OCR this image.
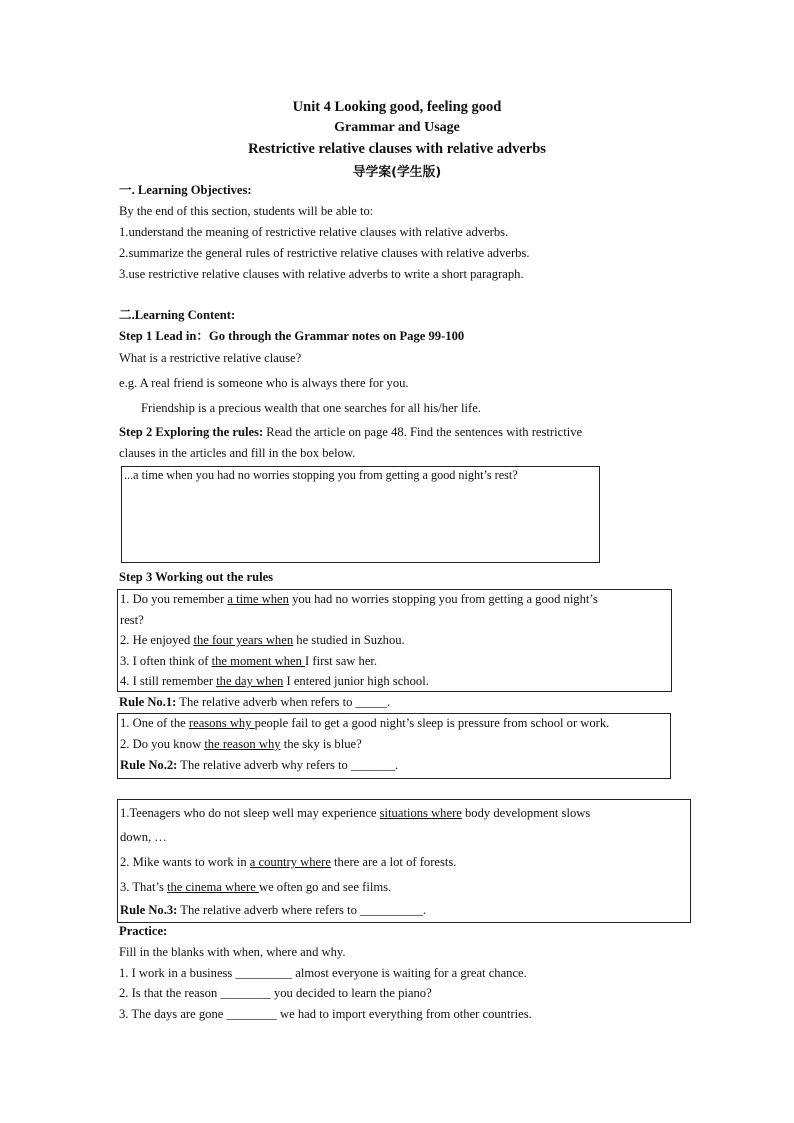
Unit 4 Looking good, feeling good
Grammar and Usage
Restrictive relative clauses with relative adverbs
导学案(学生版)
一. Learning Objectives:
By the end of this section, students will be able to:
1.understand the meaning of restrictive relative clauses with relative adverbs.
2.summarize the general rules of restrictive relative clauses with relative adverbs.
3.use restrictive relative clauses with relative adverbs to write a short paragraph.
二.Learning Content:
Step 1 Lead in：Go through the Grammar notes on Page 99-100
What is a restrictive relative clause?
e.g. A real friend is someone who is always there for you.
Friendship is a precious wealth that one searches for all his/her life.
Step 2 Exploring the rules: Read the article on page 48. Find the sentences with restrictive
clauses in the articles and fill in the box below.
...a time when you had no worries stopping you from getting a good night’s rest?
Step 3 Working out the rules
1. Do you remember a time when you had no worries stopping you from getting a good night’s
rest?
2. He enjoyed the four years when he studied in Suzhou.
3. I often think of the moment when I first saw her.
4. I still remember the day when I entered junior high school.
Rule No.1: The relative adverb when refers to _____.
1. One of the reasons why people fail to get a good night’s sleep is pressure from school or work.
2. Do you know the reason why the sky is blue?
Rule No.2: The relative adverb why refers to _______.
1.Teenagers who do not sleep well may experience situations where body development slows
down, …
2. Mike wants to work in a country where there are a lot of forests.
3. That’s the cinema where we often go and see films.
Rule No.3: The relative adverb where refers to __________.
Practice:
Fill in the blanks with when, where and why.
1. I work in a business _________ almost everyone is waiting for a great chance.
2. Is that the reason ________ you decided to learn the piano?
3. The days are gone ________ we had to import everything from other countries.
